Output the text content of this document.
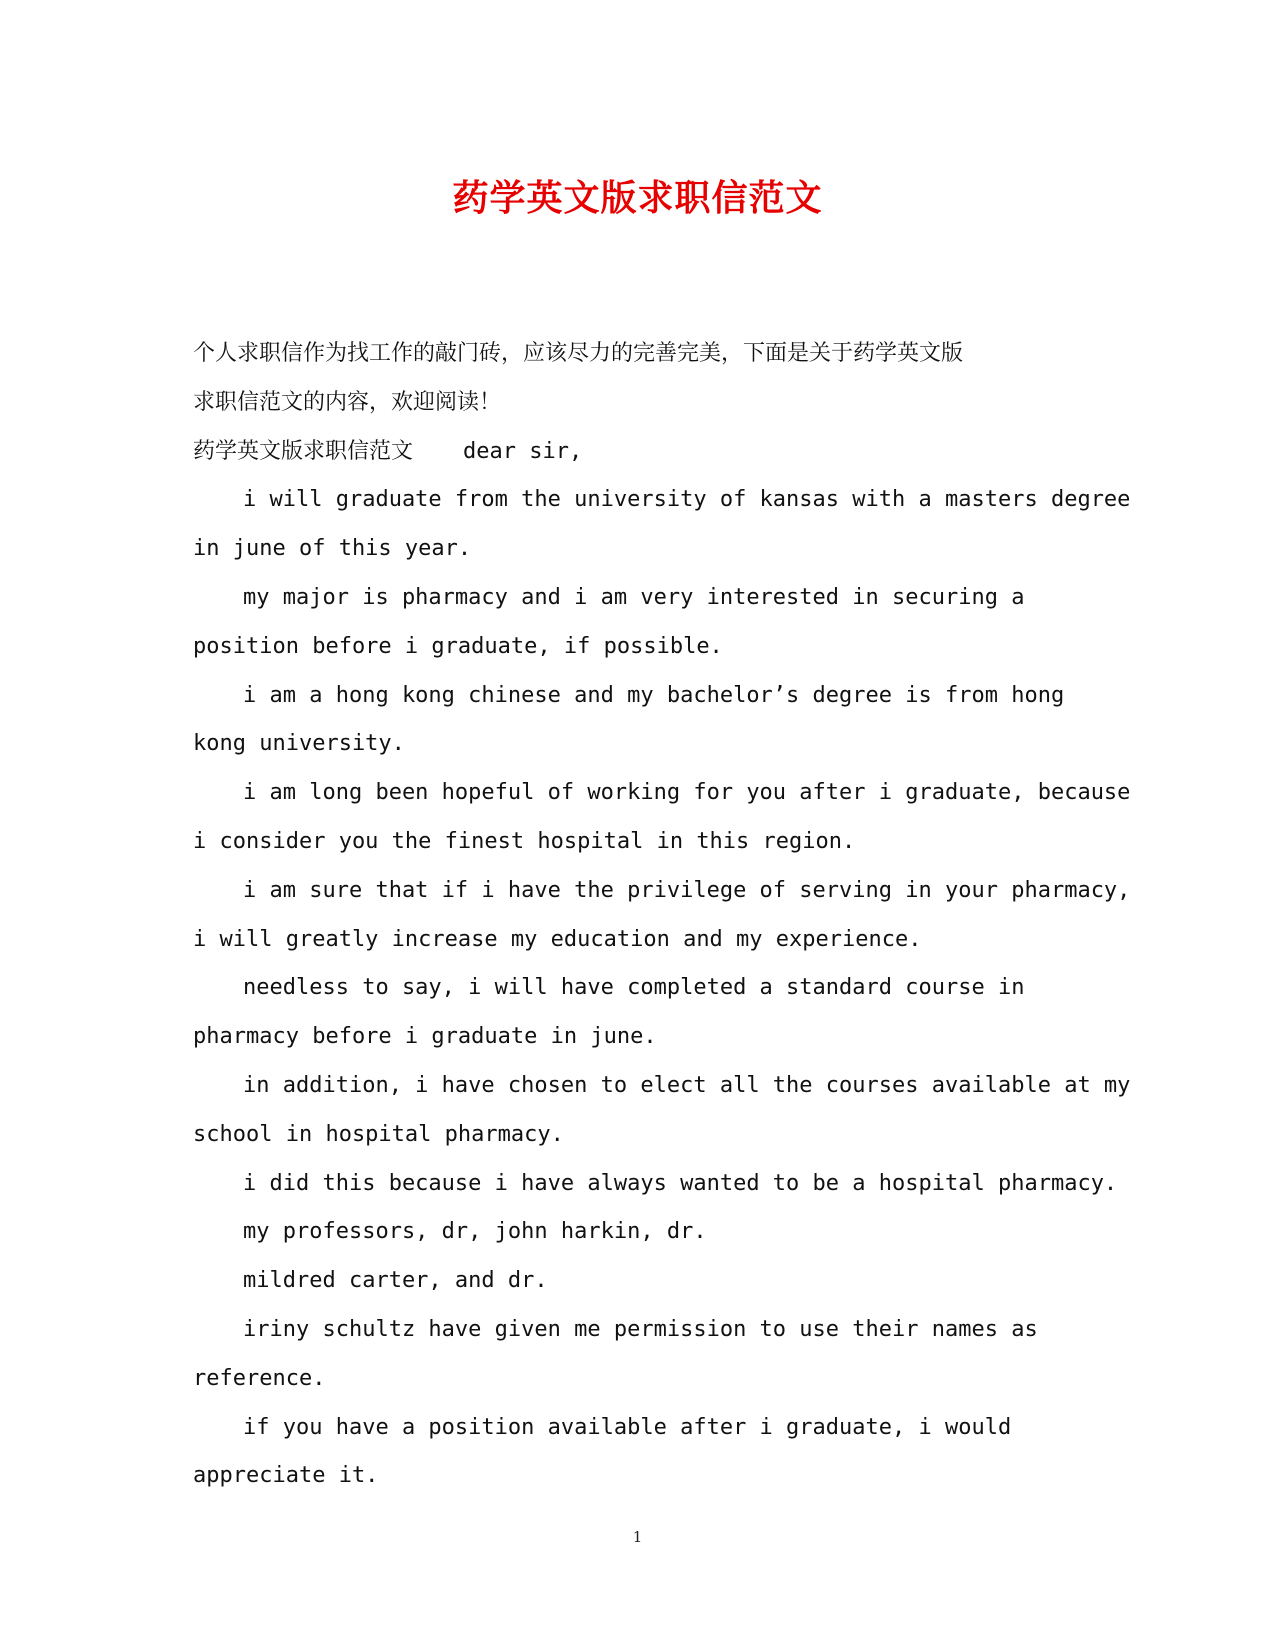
药学英文版求职信范文
个人求职信作为找工作的敲门砖，应该尽力的完善完美，下面是关于药学英文版
求职信范文的内容，欢迎阅读！
药学英文版求职信范文 dear sir,
i will graduate from the university of kansas with a masters degree
in june of this year.
my major is pharmacy and i am very interested in securing a
position before i graduate, if possible.
i am a hong kong chinese and my bachelor’s degree is from hong
kong university.
i am long been hopeful of working for you after i graduate, because
i consider you the finest hospital in this region.
i am sure that if i have the privilege of serving in your pharmacy,
i will greatly increase my education and my experience.
needless to say, i will have completed a standard course in
pharmacy before i graduate in june.
in addition, i have chosen to elect all the courses available at my
school in hospital pharmacy.
i did this because i have always wanted to be a hospital pharmacy.
my professors, dr, john harkin, dr.
mildred carter, and dr.
iriny schultz have given me permission to use their names as
reference.
if you have a position available after i graduate, i would
appreciate it.
1
